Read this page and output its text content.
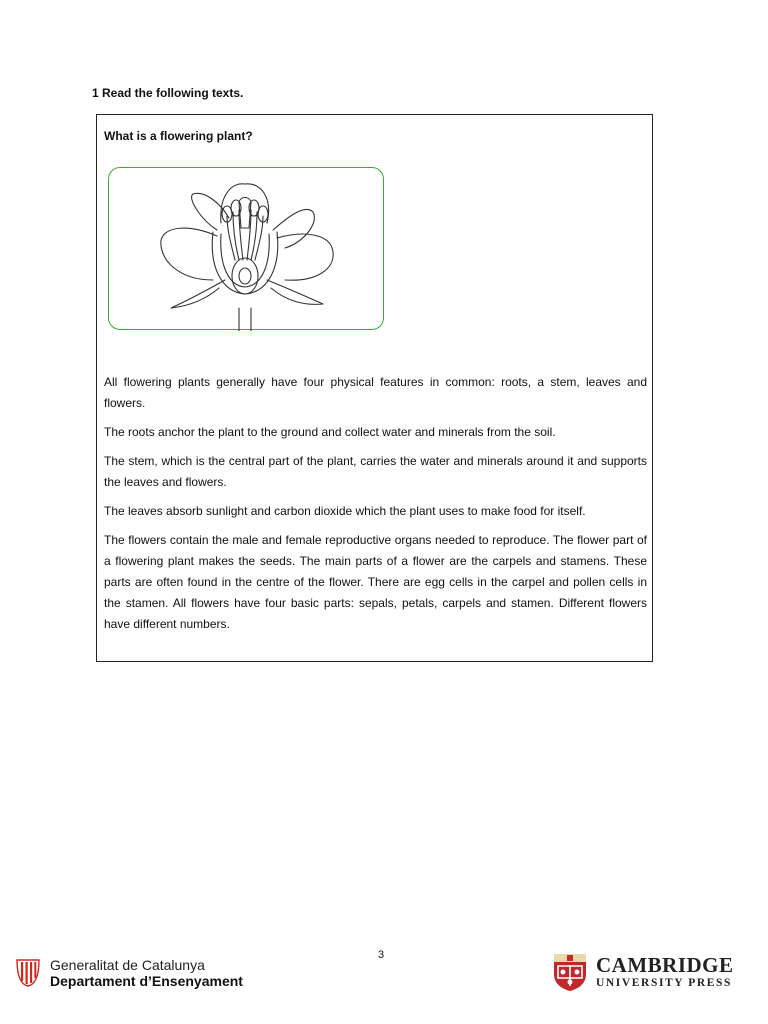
1 Read the following texts.

What is a flowering plant?

All flowering plants generally have four physical features in common: roots, a stem, leaves and flowers.

The roots anchor the plant to the ground and collect water and minerals from the soil.

The stem, which is the central part of the plant, carries the water and minerals around it and supports the leaves and flowers.

The leaves absorb sunlight and carbon dioxide which the plant uses to make food for itself.

The flowers contain the male and female reproductive organs needed to reproduce. The flower part of a flowering plant makes the seeds. The main parts of a flower are the carpels and stamens. These parts are often found in the centre of the flower. There are egg cells in the carpel and pollen cells in the stamen. All flowers have four basic parts: sepals, petals, carpels and stamen. Different flowers have different numbers.

3
Generalitat de Catalunya
Departament d’Ensenyament
CAMBRIDGE
UNIVERSITY PRESS
